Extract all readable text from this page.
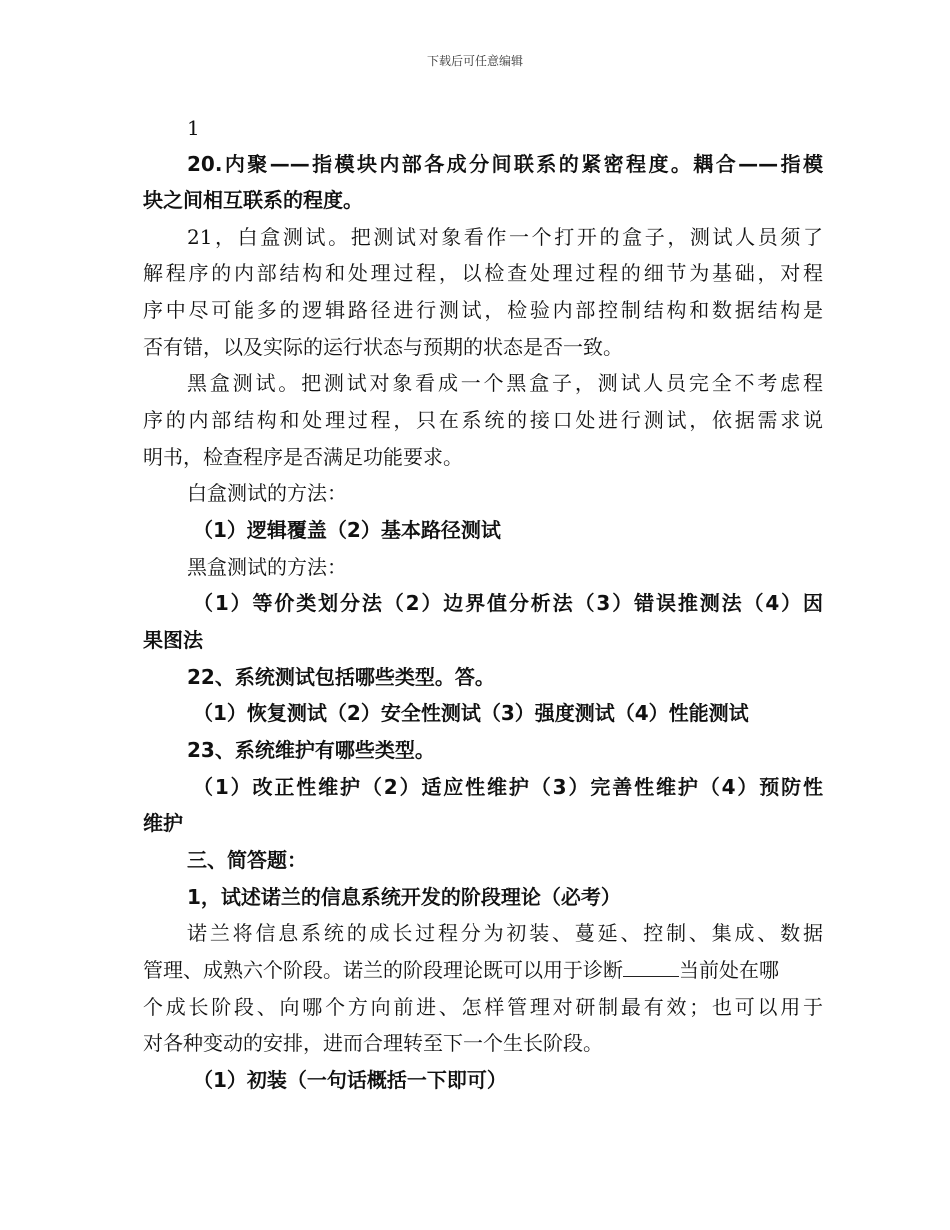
下载后可任意编辑
1
20.内聚——指模块内部各成分间联系的紧密程度。耦合——指模
块之间相互联系的程度。
21，白盒测试。把测试对象看作一个打开的盒子，测试人员须了
解程序的内部结构和处理过程，以检查处理过程的细节为基础，对程
序中尽可能多的逻辑路径进行测试，检验内部控制结构和数据结构是
否有错，以及实际的运行状态与预期的状态是否一致。
黑盒测试。把测试对象看成一个黑盒子，测试人员完全不考虑程
序的内部结构和处理过程，只在系统的接口处进行测试，依据需求说
明书，检查程序是否满足功能要求。
白盒测试的方法：
（1）逻辑覆盖（2）基本路径测试
黑盒测试的方法：
（1）等价类划分法（2）边界值分析法（3）错误推测法（4）因
果图法
22、系统测试包括哪些类型。答。
（1）恢复测试（2）安全性测试（3）强度测试（4）性能测试
23、系统维护有哪些类型。
（1）改正性维护（2）适应性维护（3）完善性维护（4）预防性
维护
三、简答题：
1，试述诺兰的信息系统开发的阶段理论（必考）
诺兰将信息系统的成长过程分为初装、蔓延、控制、集成、数据
管理、成熟六个阶段。诺兰的阶段理论既可以用于诊断	当前处在哪
个成长阶段、向哪个方向前进、怎样管理对研制最有效；也可以用于
对各种变动的安排，进而合理转至下一个生长阶段。
（1）初装（一句话概括一下即可）
